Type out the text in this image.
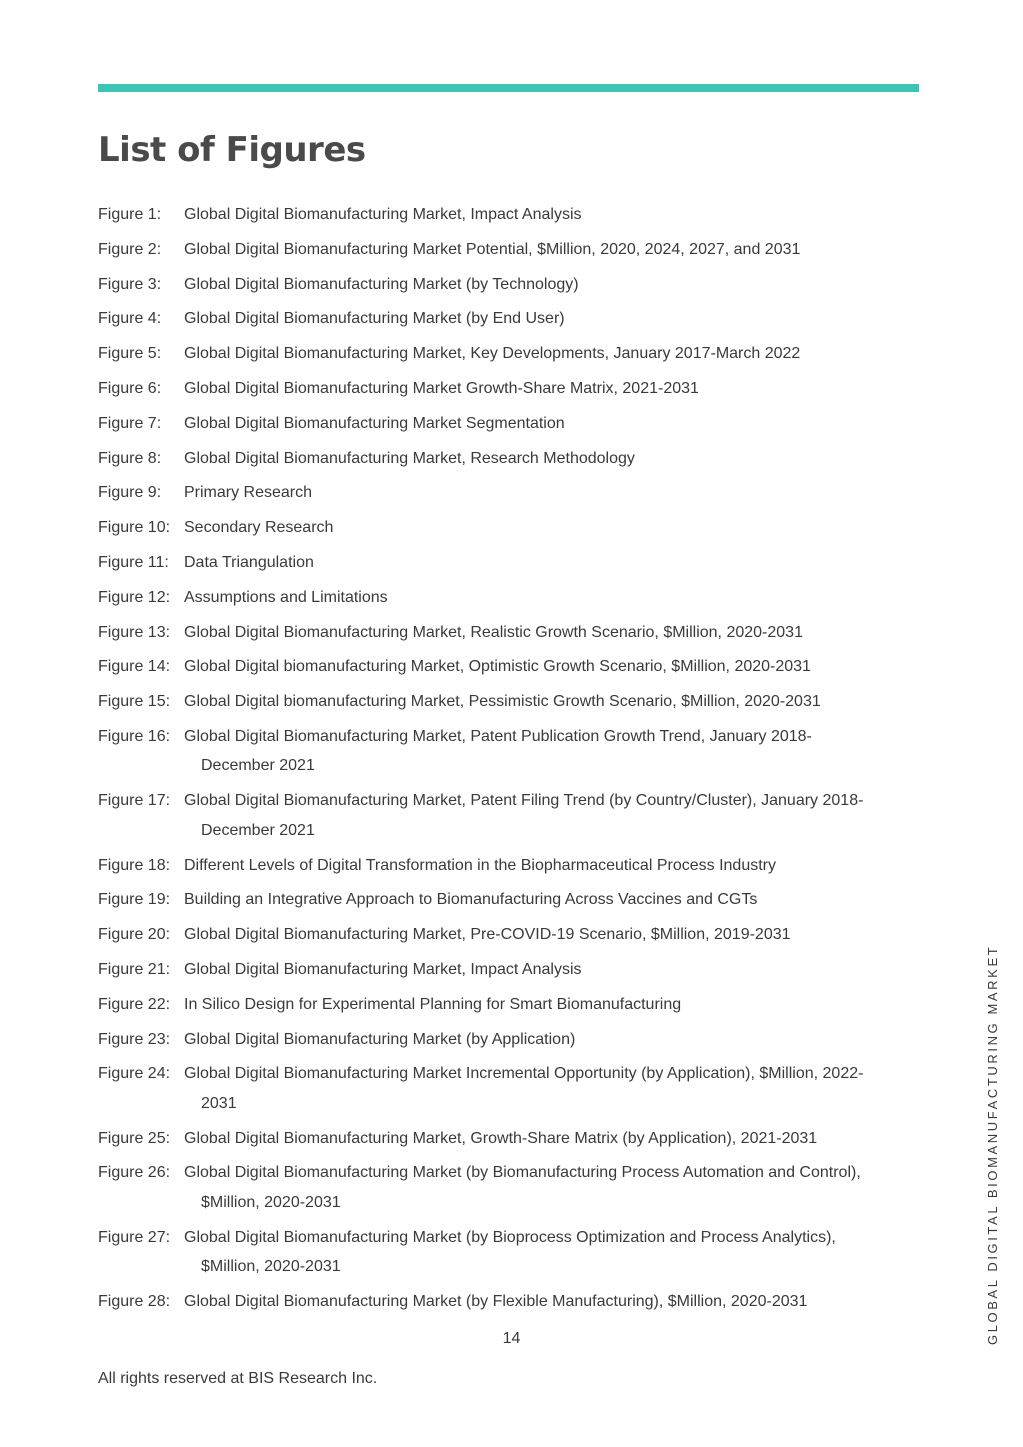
List of Figures
Figure 1:	Global Digital Biomanufacturing Market, Impact Analysis
Figure 2:	Global Digital Biomanufacturing Market Potential, $Million, 2020, 2024, 2027, and 2031
Figure 3:	Global Digital Biomanufacturing Market (by Technology)
Figure 4:	Global Digital Biomanufacturing Market (by End User)
Figure 5:	Global Digital Biomanufacturing Market, Key Developments, January 2017-March 2022
Figure 6:	Global Digital Biomanufacturing Market Growth-Share Matrix, 2021-2031
Figure 7:	Global Digital Biomanufacturing Market Segmentation
Figure 8:	Global Digital Biomanufacturing Market, Research Methodology
Figure 9:	Primary Research
Figure 10: Secondary Research
Figure 11: Data Triangulation
Figure 12: Assumptions and Limitations
Figure 13: Global Digital Biomanufacturing Market, Realistic Growth Scenario, $Million, 2020-2031
Figure 14: Global Digital biomanufacturing Market, Optimistic Growth Scenario, $Million, 2020-2031
Figure 15: Global Digital biomanufacturing Market, Pessimistic Growth Scenario, $Million, 2020-2031
Figure 16: Global Digital Biomanufacturing Market, Patent Publication Growth Trend, January 2018-
December 2021
Figure 17: Global Digital Biomanufacturing Market, Patent Filing Trend (by Country/Cluster), January 2018-
December 2021
Figure 18: Different Levels of Digital Transformation in the Biopharmaceutical Process Industry
Figure 19: Building an Integrative Approach to Biomanufacturing Across Vaccines and CGTs
Figure 20: Global Digital Biomanufacturing Market, Pre-COVID-19 Scenario, $Million, 2019-2031
Figure 21: Global Digital Biomanufacturing Market, Impact Analysis
Figure 22: In Silico Design for Experimental Planning for Smart Biomanufacturing
Figure 23: Global Digital Biomanufacturing Market (by Application)
Figure 24: Global Digital Biomanufacturing Market Incremental Opportunity (by Application), $Million, 2022-
2031
Figure 25: Global Digital Biomanufacturing Market, Growth-Share Matrix (by Application), 2021-2031
Figure 26: Global Digital Biomanufacturing Market (by Biomanufacturing Process Automation and Control),
$Million, 2020-2031
Figure 27: Global Digital Biomanufacturing Market (by Bioprocess Optimization and Process Analytics),
$Million, 2020-2031
Figure 28: Global Digital Biomanufacturing Market (by Flexible Manufacturing), $Million, 2020-2031
14
All rights reserved at BIS Research Inc.
GLOBAL DIGITAL BIOMANUFACTURING MARKET
